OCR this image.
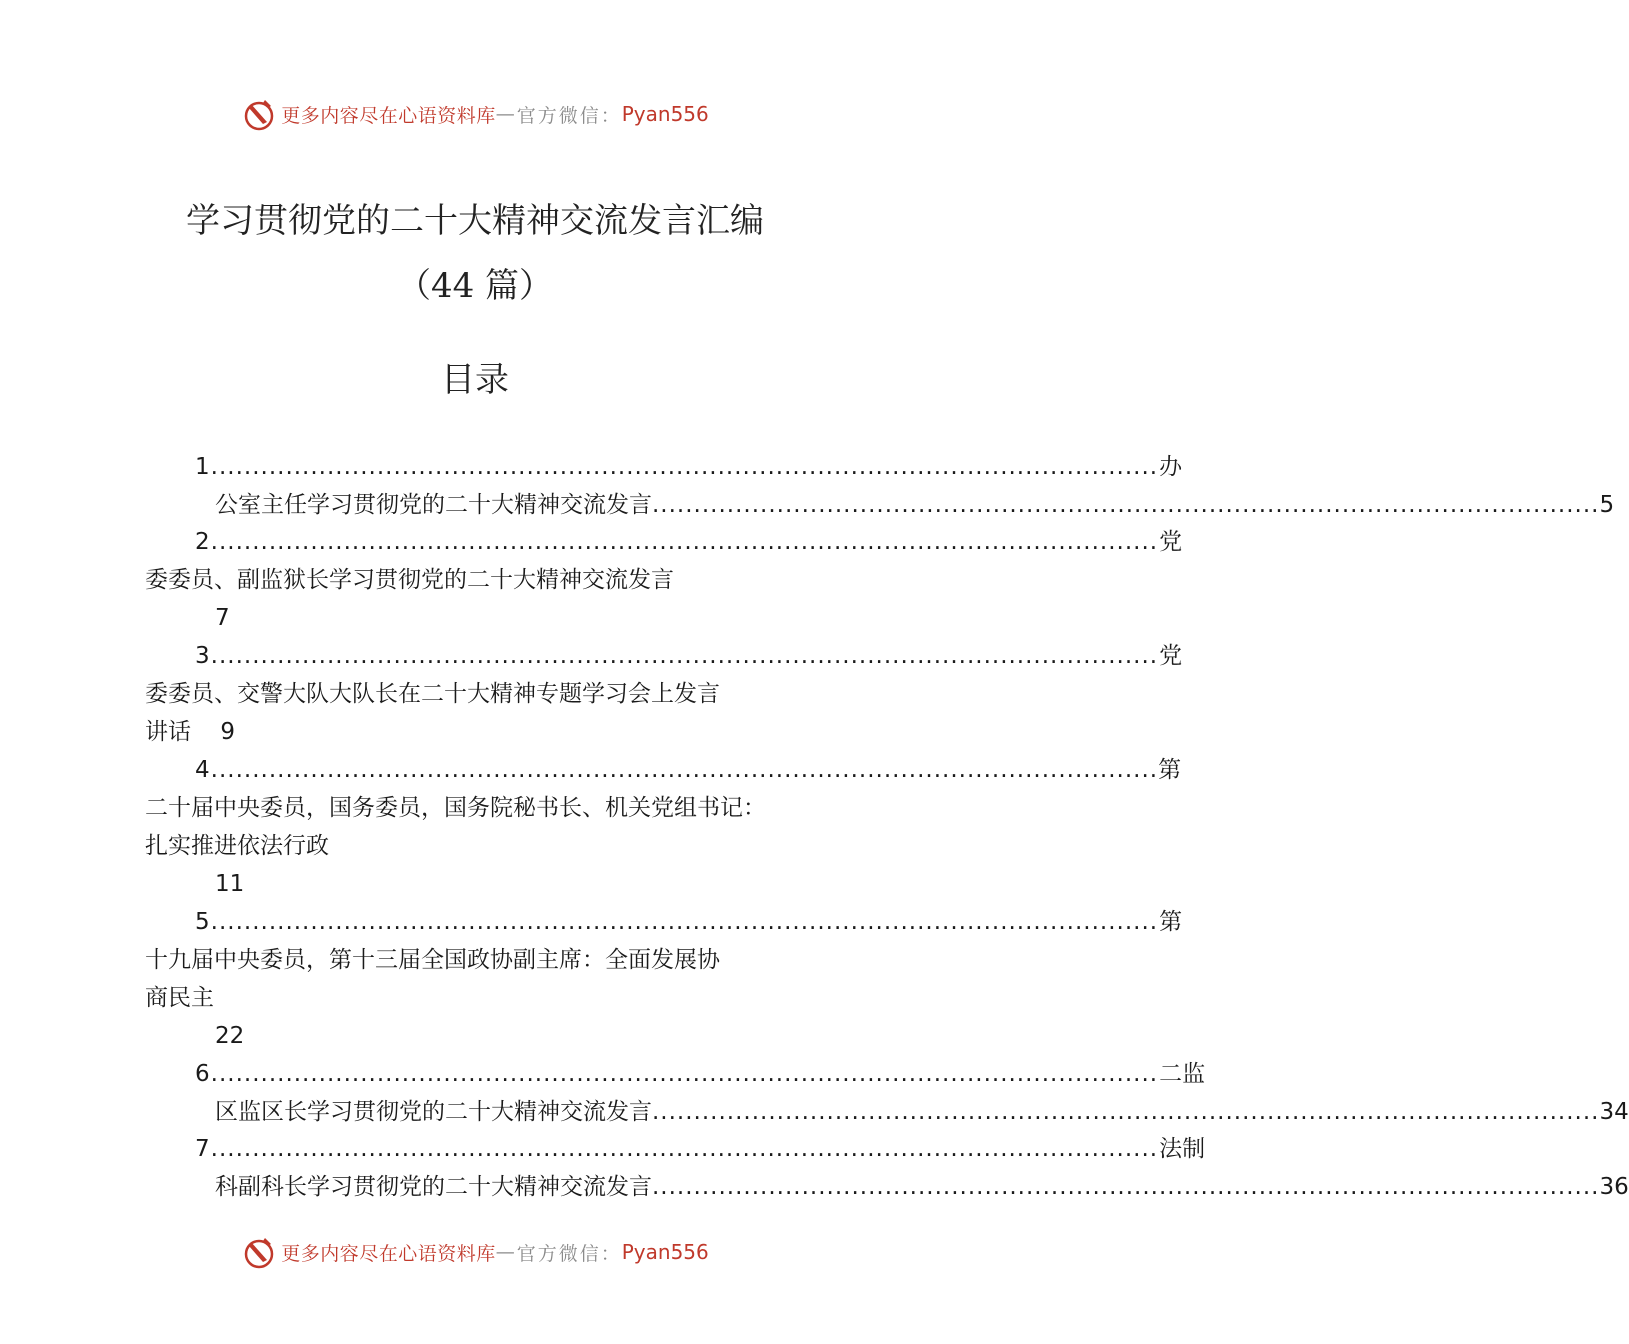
更多内容尽在心语资料库 — 官方微信： Pyan556
学习贯彻党的二十大精神交流发言汇编
（44 篇）
目录
1 .................................................................................................................. 办
公室主任学习贯彻党的二十大精神交流发言 .................................................................................................................. 5
2 .................................................................................................................. 党
委委员、副监狱长学习贯彻党的二十大精神交流发言
7
3 .................................................................................................................. 党
委委员、交警大队大队长在二十大精神专题学习会上发言
讲话 9
4 .................................................................................................................. 第
二十届中央委员，国务委员，国务院秘书长、机关党组书记：
扎实推进依法行政
11
5 .................................................................................................................. 第
十九届中央委员，第十三届全国政协副主席：全面发展协
商民主
22
6 .................................................................................................................. 二监
区监区长学习贯彻党的二十大精神交流发言 .................................................................................................................. 34
7 .................................................................................................................. 法制
科副科长学习贯彻党的二十大精神交流发言 .................................................................................................................. 36
更多内容尽在心语资料库 — 官方微信： Pyan556
